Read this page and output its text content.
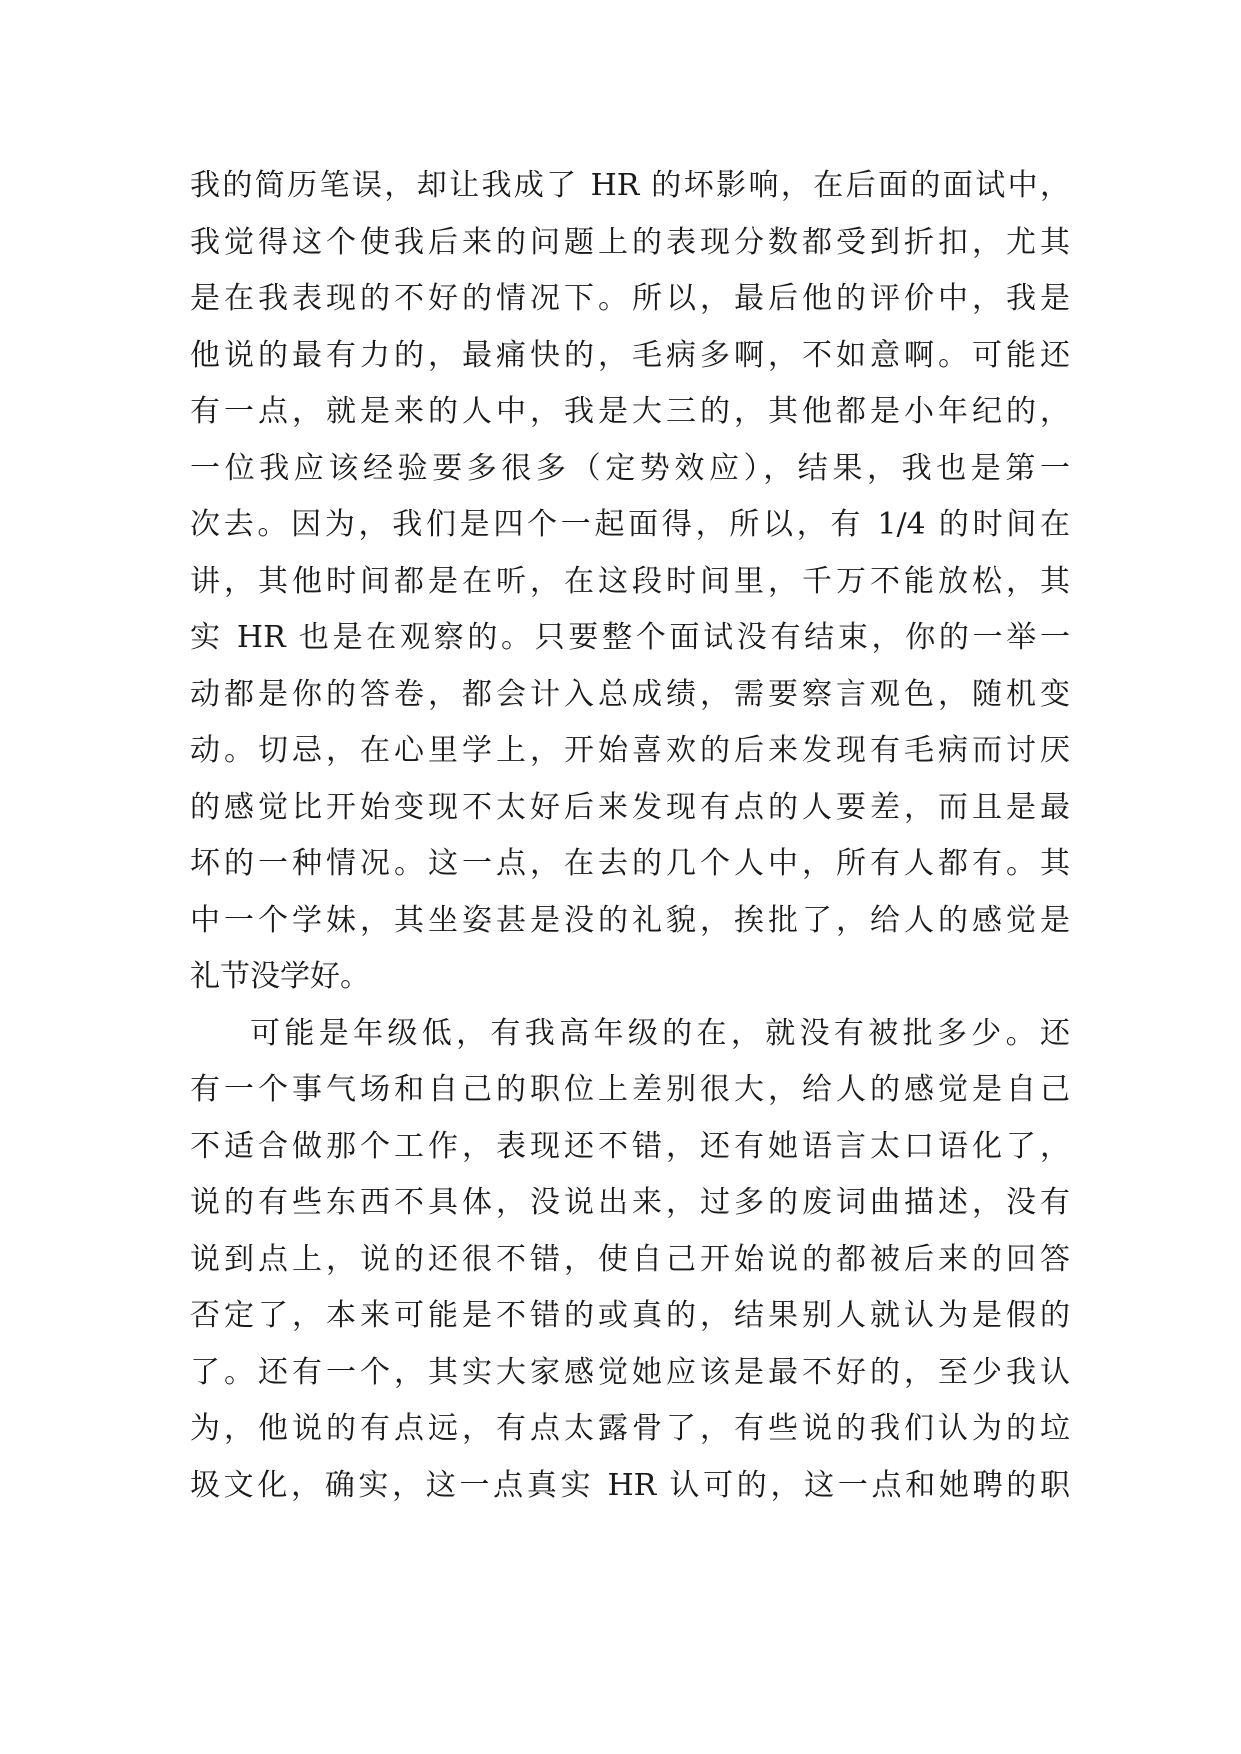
我的简历笔误，却让我成了 HR 的坏影响，在后面的面试中，
我觉得这个使我后来的问题上的表现分数都受到折扣，尤其
是在我表现的不好的情况下。所以，最后他的评价中，我是
他说的最有力的，最痛快的，毛病多啊，不如意啊。可能还
有一点，就是来的人中，我是大三的，其他都是小年纪的，
一位我应该经验要多很多（定势效应），结果，我也是第一
次去。因为，我们是四个一起面得，所以，有 1/4 的时间在
讲，其他时间都是在听，在这段时间里，千万不能放松，其
实 HR 也是在观察的。只要整个面试没有结束，你的一举一
动都是你的答卷，都会计入总成绩，需要察言观色，随机变
动。切忌，在心里学上，开始喜欢的后来发现有毛病而讨厌
的感觉比开始变现不太好后来发现有点的人要差，而且是最
坏的一种情况。这一点，在去的几个人中，所有人都有。其
中一个学妹，其坐姿甚是没的礼貌，挨批了，给人的感觉是
礼节没学好。
可能是年级低，有我高年级的在，就没有被批多少。还
有一个事气场和自己的职位上差别很大，给人的感觉是自己
不适合做那个工作，表现还不错，还有她语言太口语化了，
说的有些东西不具体，没说出来，过多的废词曲描述，没有
说到点上，说的还很不错，使自己开始说的都被后来的回答
否定了，本来可能是不错的或真的，结果别人就认为是假的
了。还有一个，其实大家感觉她应该是最不好的，至少我认
为，他说的有点远，有点太露骨了，有些说的我们认为的垃
圾文化，确实，这一点真实 HR 认可的，这一点和她聘的职
